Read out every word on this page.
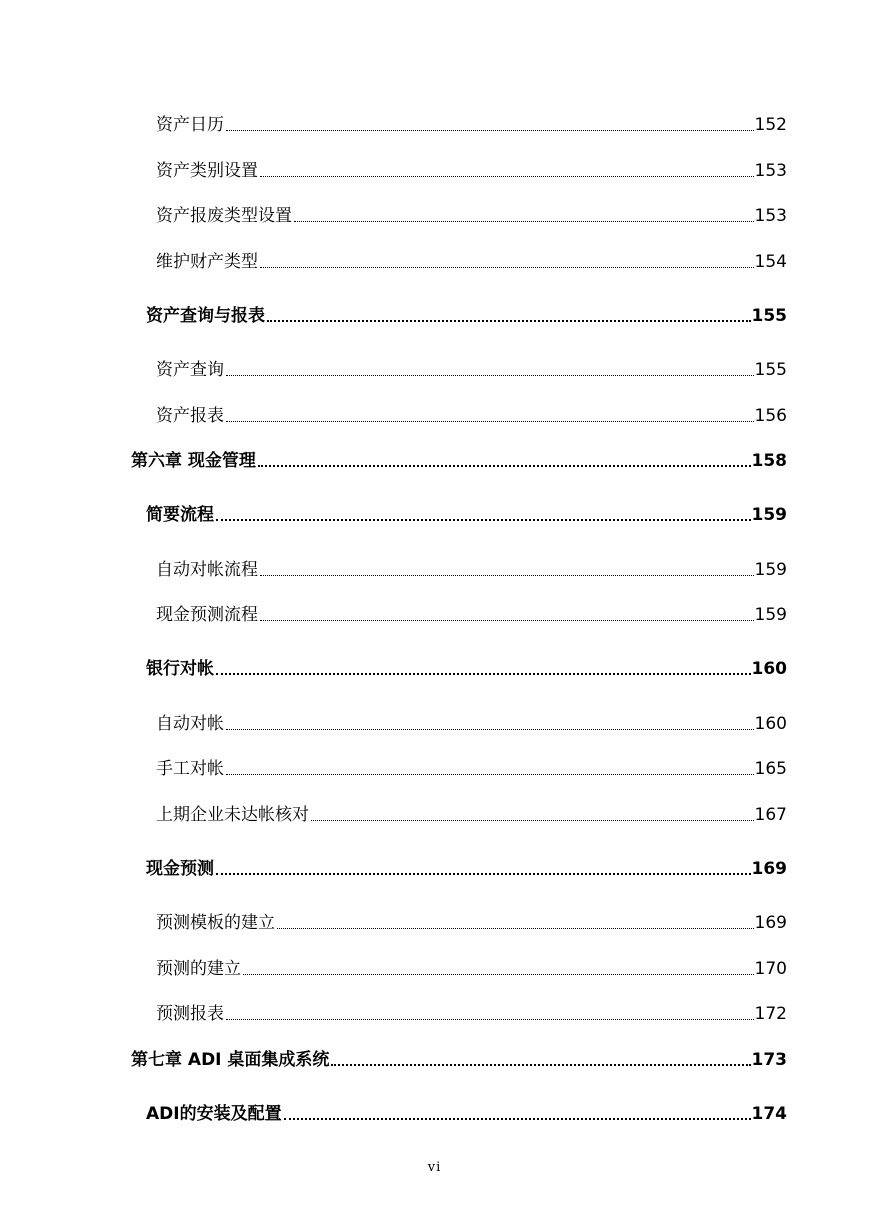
资产日历	152
资产类别设置	153
资产报废类型设置	153
维护财产类型	154
资产查询与报表	155
资产查询	155
资产报表	156
第六章 现金管理	158
简要流程	159
自动对帐流程	159
现金预测流程	159
银行对帐	160
自动对帐	160
手工对帐	165
上期企业未达帐核对	167
现金预测	169
预测模板的建立	169
预测的建立	170
预测报表	172
第七章 ADI 桌面集成系统	173
ADI的安装及配置	174
vi
